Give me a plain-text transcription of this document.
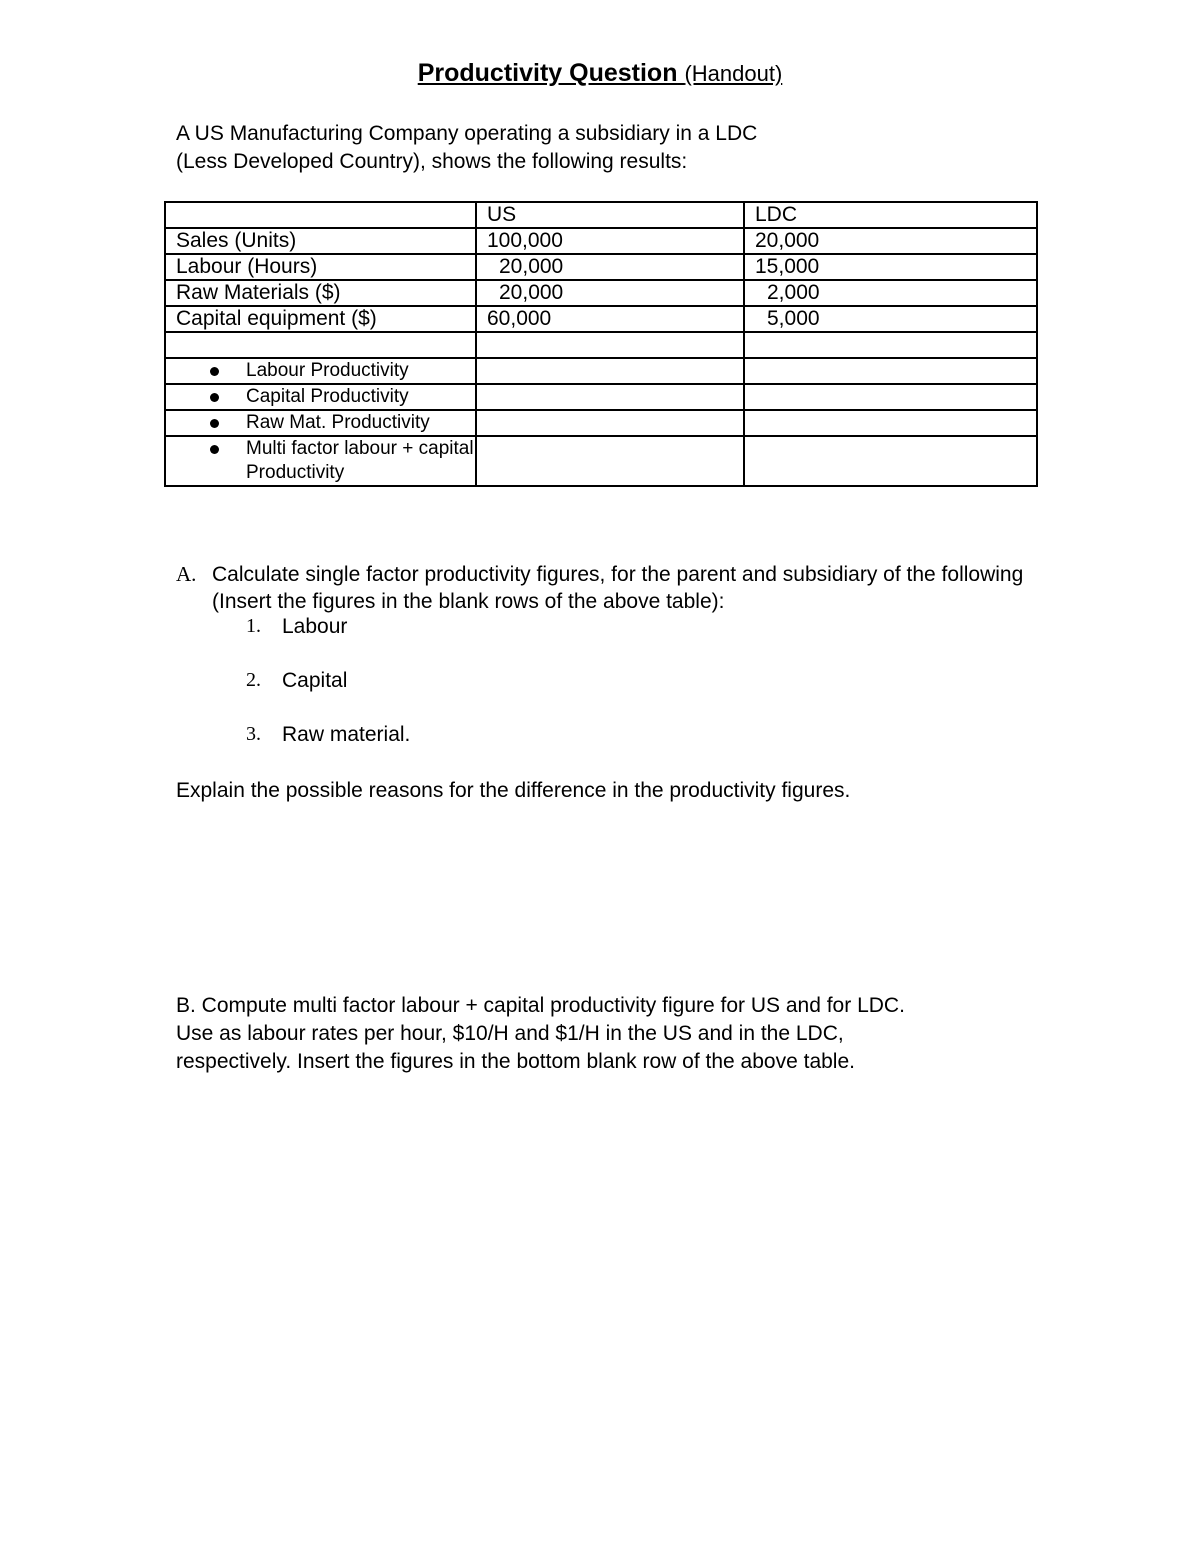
Productivity Question (Handout)
A US Manufacturing Company operating a subsidiary in a LDC
(Less Developed Country), shows the following results:
	US	LDC
Sales (Units)	100,000	20,000
Labour (Hours)	20,000	15,000
Raw Materials ($)	20,000	2,000
Capital equipment ($)	60,000	5,000

Labour Productivity		

Capital Productivity		

Raw Mat. Productivity		

Multi factor labour + capital Productivity		
A. Calculate single factor productivity figures, for the parent and subsidiary of the following (Insert the figures in the blank rows of the above table):
1. Labour
2. Capital
3. Raw material.
Explain the possible reasons for the difference in the productivity figures.
B. Compute multi factor labour + capital productivity figure for US and for LDC.
Use as labour rates per hour, $10/H and $1/H in the US and in the LDC,
respectively. Insert the figures in the bottom blank row of the above table.
